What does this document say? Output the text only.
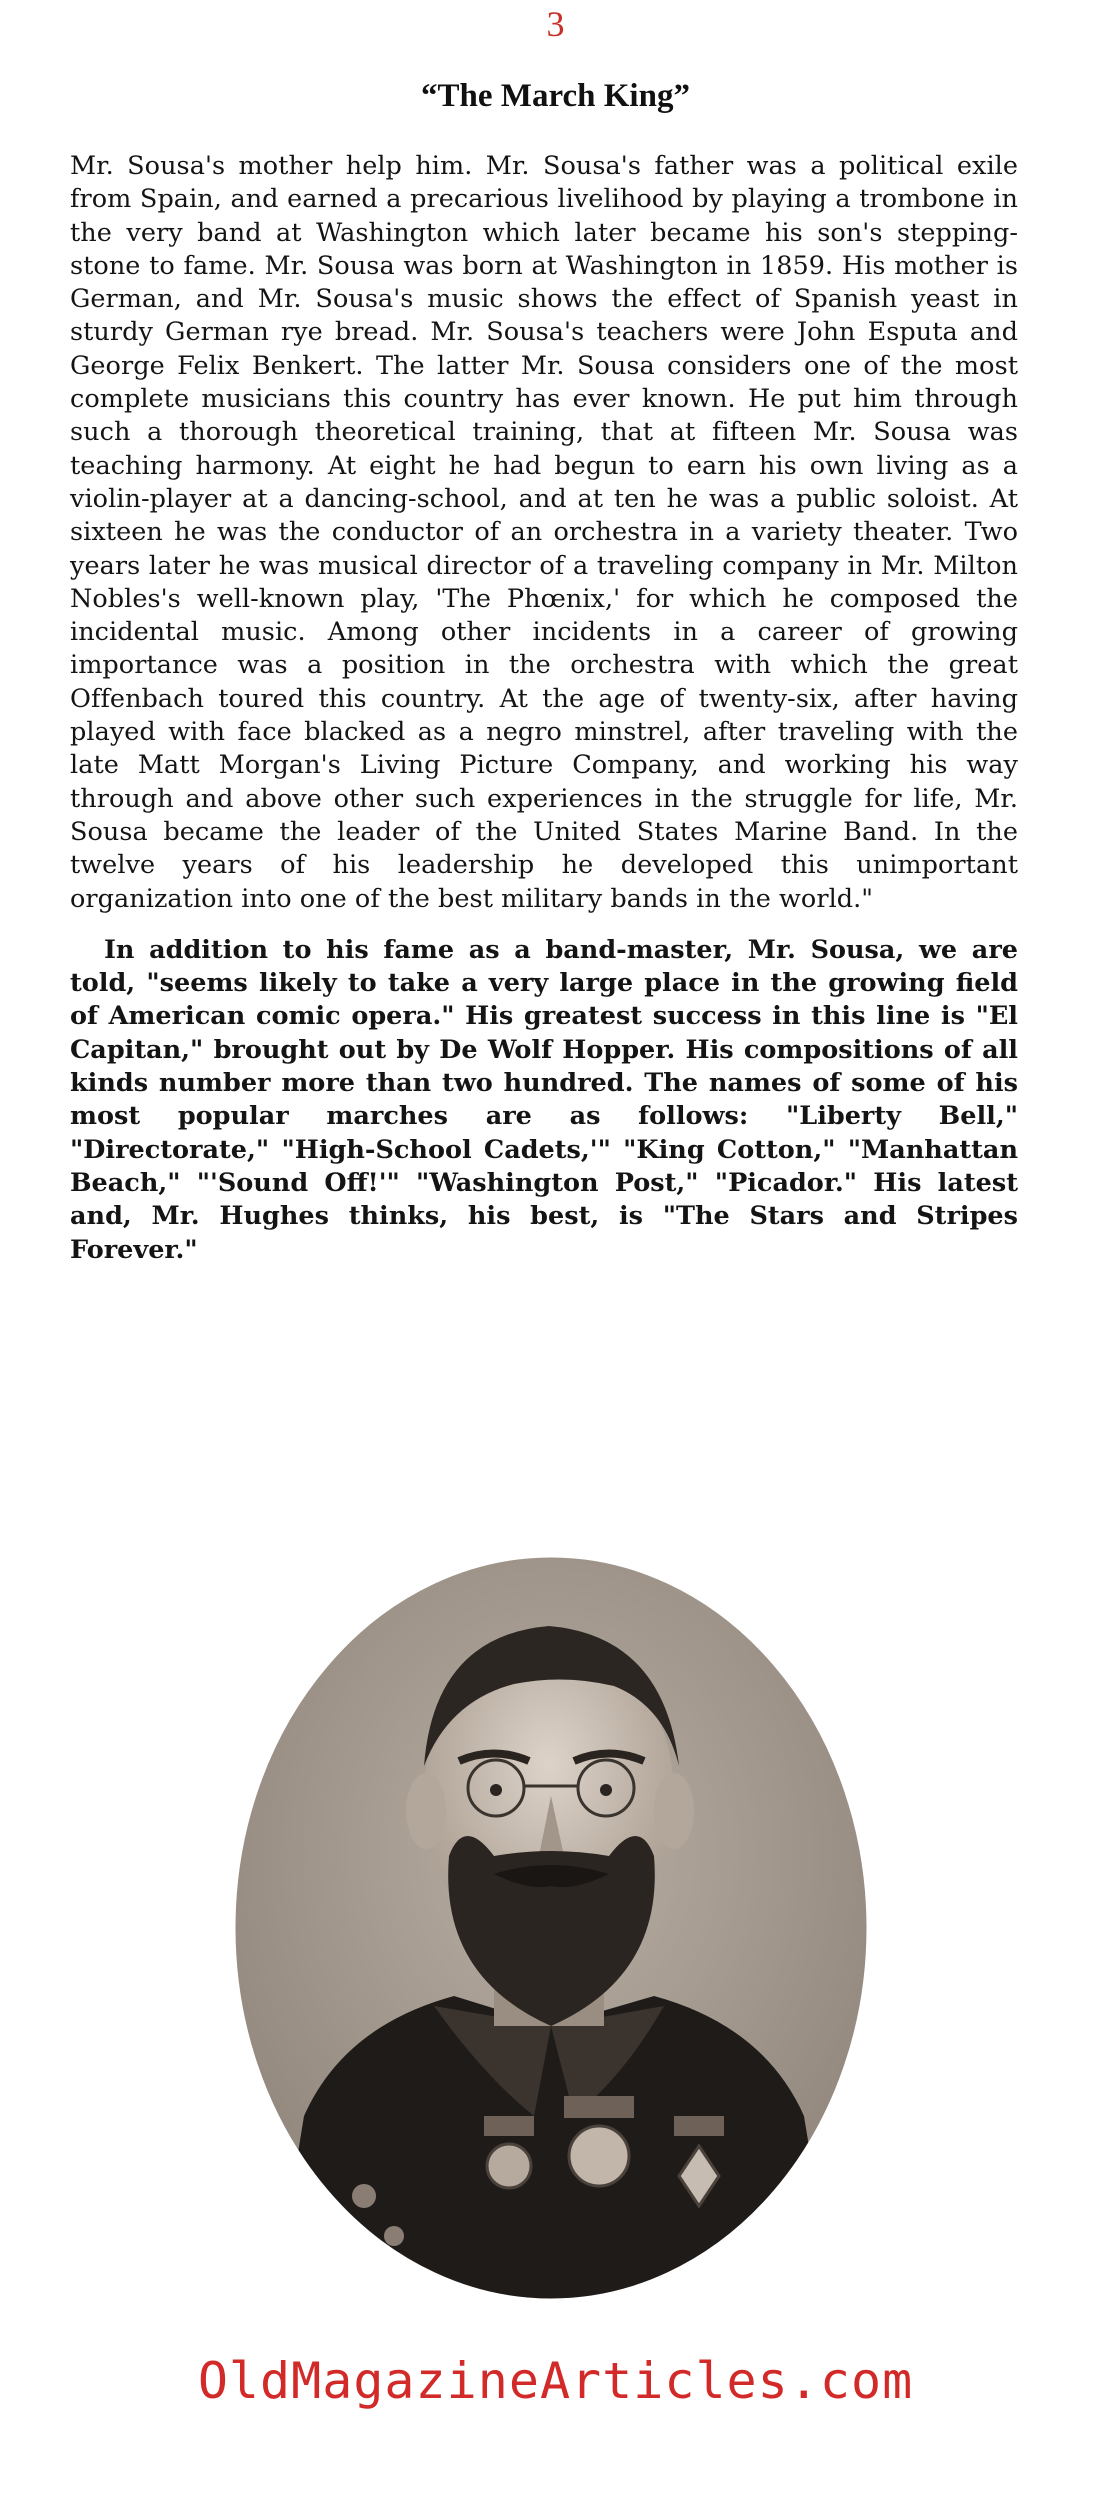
3
“The March King”

Mr. Sousa's mother help him. Mr. Sousa's father was a political exile from Spain, and earned a precarious livelihood by playing a trombone in the very band at Washington which later became his son's stepping-stone to fame. Mr. Sousa was born at Washington in 1859. His mother is German, and Mr. Sousa's music shows the effect of Spanish yeast in sturdy German rye bread. Mr. Sousa's teachers were John Esputa and George Felix Benkert. The latter Mr. Sousa considers one of the most complete musicians this country has ever known. He put him through such a thorough theoretical training, that at fifteen Mr. Sousa was teaching harmony. At eight he had begun to earn his own living as a violin-player at a dancing-school, and at ten he was a public soloist. At sixteen he was the conductor of an orchestra in a variety theater. Two years later he was musical director of a traveling company in Mr. Milton Nobles's well-known play, 'The Phœnix,' for which he composed the incidental music. Among other incidents in a career of growing importance was a position in the orchestra with which the great Offenbach toured this country. At the age of twenty-six, after having played with face blacked as a negro minstrel, after traveling with the late Matt Morgan's Living Picture Company, and working his way through and above other such experiences in the struggle for life, Mr. Sousa became the leader of the United States Marine Band. In the twelve years of his leadership he developed this unimportant organization into one of the best military bands in the world."

In addition to his fame as a band-master, Mr. Sousa, we are told, "seems likely to take a very large place in the growing field of American comic opera." His greatest success in this line is "El Capitan," brought out by De Wolf Hopper. His compositions of all kinds number more than two hundred. The names of some of his most popular marches are as follows: "Liberty Bell," "Directorate," "High-School Cadets,'" "King Cotton," "Manhattan Beach," "'Sound Off!'" "Washington Post," "Picador." His latest and, Mr. Hughes thinks, his best, is "The Stars and Stripes Forever."

OldMagazineArticles.com
